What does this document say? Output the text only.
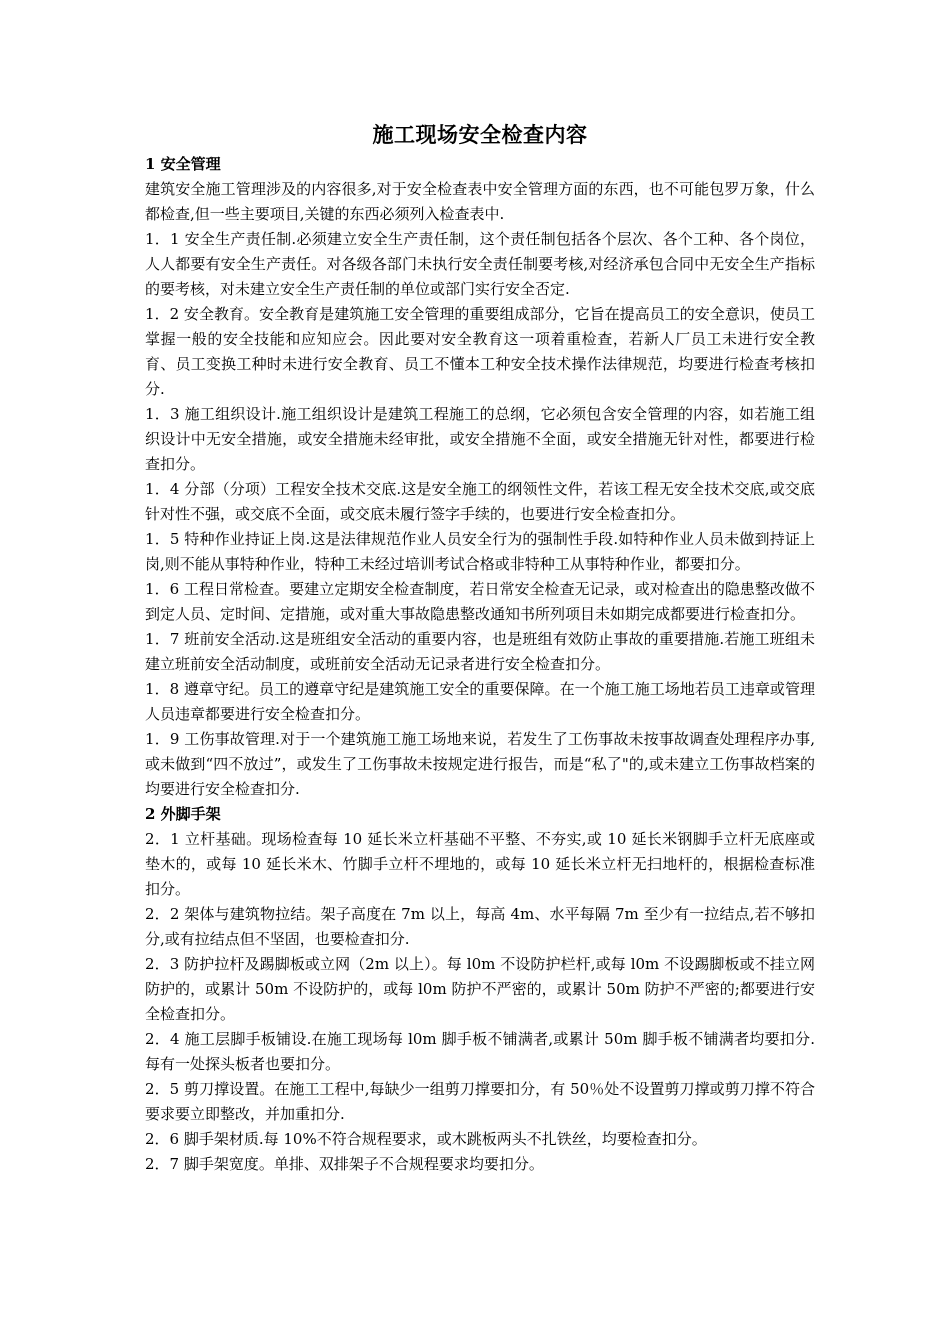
施工现场安全检查内容

1 安全管理

建筑安全施工管理涉及的内容很多,对于安全检查表中安全管理方面的东西，也不可能包罗万象，什么都检查,但一些主要项目,关键的东西必须列入检查表中.

1．1 安全生产责任制.必须建立安全生产责任制，这个责任制包括各个层次、各个工种、各个岗位，人人都要有安全生产责任。对各级各部门未执行安全责任制要考核,对经济承包合同中无安全生产指标的要考核，对未建立安全生产责任制的单位或部门实行安全否定.

1．2 安全教育。安全教育是建筑施工安全管理的重要组成部分，它旨在提高员工的安全意识，使员工掌握一般的安全技能和应知应会。因此要对安全教育这一项着重检查，若新人厂员工未进行安全教育、员工变换工种时未进行安全教育、员工不懂本工种安全技术操作法律规范，均要进行检查考核扣分.

1．3 施工组织设计.施工组织设计是建筑工程施工的总纲，它必须包含安全管理的内容，如若施工组织设计中无安全措施，或安全措施未经审批，或安全措施不全面，或安全措施无针对性，都要进行检查扣分。

1．4 分部（分项）工程安全技术交底.这是安全施工的纲领性文件，若该工程无安全技术交底,或交底针对性不强，或交底不全面，或交底未履行签字手续的，也要进行安全检查扣分。

1．5 特种作业持证上岗.这是法律规范作业人员安全行为的强制性手段.如特种作业人员未做到持证上岗,则不能从事特种作业，特种工未经过培训考试合格或非特种工从事特种作业，都要扣分。

1．6 工程日常检查。要建立定期安全检查制度，若日常安全检查无记录，或对检查出的隐患整改做不到定人员、定时间、定措施，或对重大事故隐患整改通知书所列项目未如期完成都要进行检查扣分。

1．7 班前安全活动.这是班组安全活动的重要内容，也是班组有效防止事故的重要措施.若施工班组未建立班前安全活动制度，或班前安全活动无记录者进行安全检查扣分。

1．8 遵章守纪。员工的遵章守纪是建筑施工安全的重要保障。在一个施工施工场地若员工违章或管理人员违章都要进行安全检查扣分。

1．9 工伤事故管理.对于一个建筑施工施工场地来说，若发生了工伤事故未按事故调查处理程序办事,或未做到“四不放过”，或发生了工伤事故未按规定进行报告，而是“私了"的,或未建立工伤事故档案的均要进行安全检查扣分.

2 外脚手架

2．1 立杆基础。现场检查每 10 延长米立杆基础不平整、不夯实,或 10 延长米钢脚手立杆无底座或垫木的，或每 10 延长米木、竹脚手立杆不埋地的，或每 10 延长米立杆无扫地杆的，根据检查标准扣分。

2．2 架体与建筑物拉结。架子高度在 7m 以上，每高 4m、水平每隔 7m 至少有一拉结点,若不够扣分,或有拉结点但不坚固，也要检查扣分.

2．3 防护拉杆及踢脚板或立网（2m 以上）。每 l0m 不设防护栏杆,或每 l0m 不设踢脚板或不挂立网防护的，或累计 50m 不设防护的，或每 l0m 防护不严密的，或累计 50m 防护不严密的;都要进行安全检查扣分。

2．4 施工层脚手板铺设.在施工现场每 l0m 脚手板不铺满者,或累计 50m 脚手板不铺满者均要扣分.每有一处探头板者也要扣分。

2．5 剪刀撑设置。在施工工程中,每缺少一组剪刀撑要扣分，有 50％处不设置剪刀撑或剪刀撑不符合要求要立即整改，并加重扣分.

2．6 脚手架材质.每 10%不符合规程要求，或木跳板两头不扎铁丝，均要检查扣分。

2．7 脚手架宽度。单排、双排架子不合规程要求均要扣分。
